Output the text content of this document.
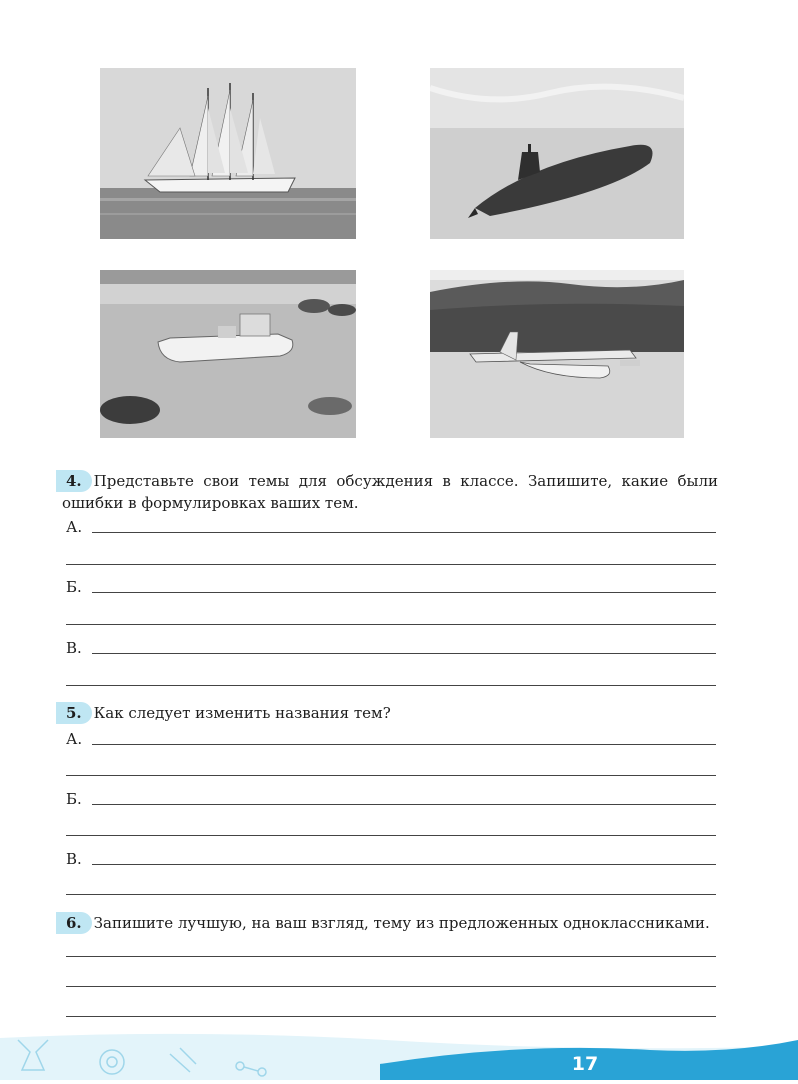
4. Представьте свои темы для обсуждения в классе. Запишите, какие были ошибки в формулировках ваших тем.
А.
Б.
В.
5. Как следует изменить названия тем?
А.
Б.
В.
6. Запишите лучшую, на ваш взгляд, тему из предложенных одноклассниками.
17
